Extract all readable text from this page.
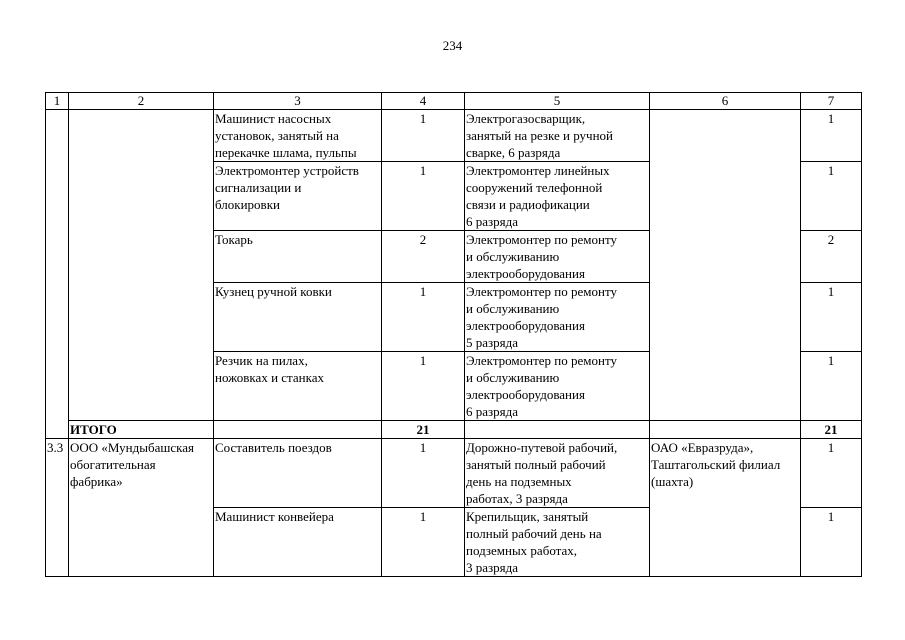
234
1	2	3	4	5	6	7
		Машинист насосных
установок, занятый на
перекачке шлама, пульпы	1	Электрогазосварщик,
занятый на резке и ручной
сварке, 6 разряда		1
		Электромонтер устройств
сигнализации и
блокировки	1	Электромонтер линейных
сооружений телефонной
связи и радиофикации
6 разряда		1
		Токарь	2	Электромонтер по ремонту
и обслуживанию
электрооборудования		2
		Кузнец ручной ковки	1	Электромонтер по ремонту
и обслуживанию
электрооборудования
5 разряда		1
		Резчик на пилах,
ножовках и станках	1	Электромонтер по ремонту
и обслуживанию
электрооборудования
6 разряда		1
	ИТОГО		21			21
3.3	ООО «Мундыбашская
обогатительная
фабрика»	Составитель поездов	1	Дорожно-путевой рабочий,
занятый полный рабочий
день на подземных
работах, 3 разряда	ОАО «Евразруда»,
Таштагольский филиал
(шахта)	1
		Машинист конвейера	1	Крепильщик, занятый
полный рабочий день на
подземных работах,
3 разряда		1
